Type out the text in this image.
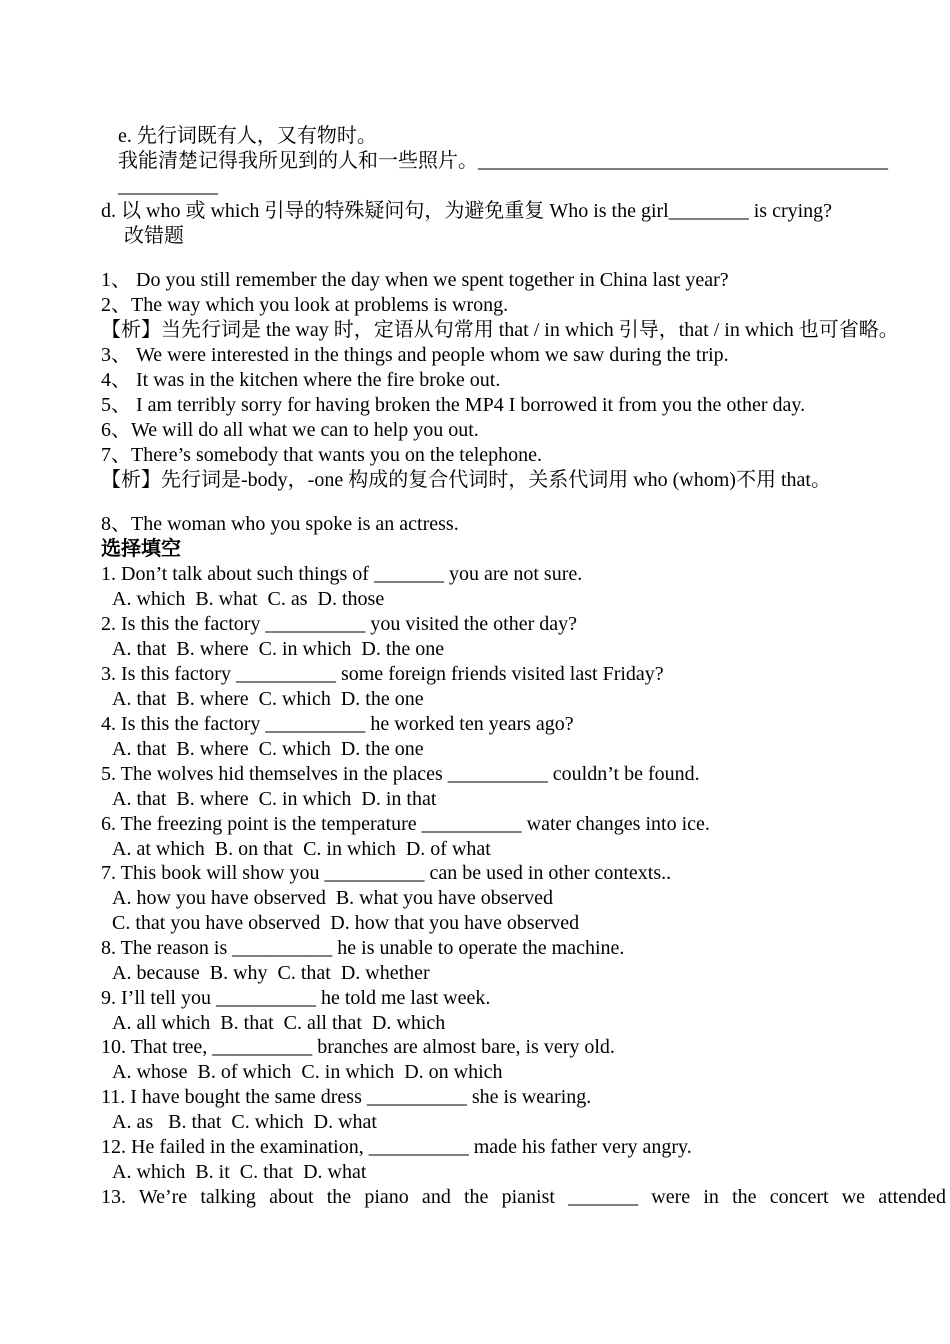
e. 先行词既有人，又有物时。
我能清楚记得我所见到的人和一些照片。_________________________________________
__________
d. 以 who 或 which 引导的特殊疑问句，为避免重复 Who is the girl________ is crying?
改错题
1、 Do you still remember the day when we spent together in China last year?
2、The way which you look at problems is wrong.
【析】当先行词是 the way 时，定语从句常用 that / in which 引导，that / in which 也可省略。
3、 We were interested in the things and people whom we saw during the trip.
4、 It was in the kitchen where the fire broke out.
5、 I am terribly sorry for having broken the MP4 I borrowed it from you the other day.
6、We will do all what we can to help you out.
7、There’s somebody that wants you on the telephone.
【析】先行词是-body，-one 构成的复合代词时，关系代词用 who (whom)不用 that。
8、The woman who you spoke is an actress.
选择填空
1. Don’t talk about such things of _______ you are not sure.
A. which  B. what  C. as  D. those
2. Is this the factory __________ you visited the other day?
A. that  B. where  C. in which  D. the one
3. Is this factory __________ some foreign friends visited last Friday?
A. that  B. where  C. which  D. the one
4. Is this the factory __________ he worked ten years ago?
A. that  B. where  C. which  D. the one
5. The wolves hid themselves in the places __________ couldn’t be found.
A. that  B. where  C. in which  D. in that
6. The freezing point is the temperature __________ water changes into ice.
A. at which  B. on that  C. in which  D. of what
7. This book will show you __________ can be used in other contexts..
A. how you have observed  B. what you have observed
C. that you have observed  D. how that you have observed
8. The reason is __________ he is unable to operate the machine.
A. because  B. why  C. that  D. whether
9. I’ll tell you __________ he told me last week.
A. all which  B. that  C. all that  D. which
10. That tree, __________ branches are almost bare, is very old.
A. whose  B. of which  C. in which  D. on which
11. I have bought the same dress __________ she is wearing.
A. as   B. that  C. which  D. what
12. He failed in the examination, __________ made his father very angry.
A. which  B. it  C. that  D. what
13. We’re talking about the piano and the pianist _______ were in the concert we attended
